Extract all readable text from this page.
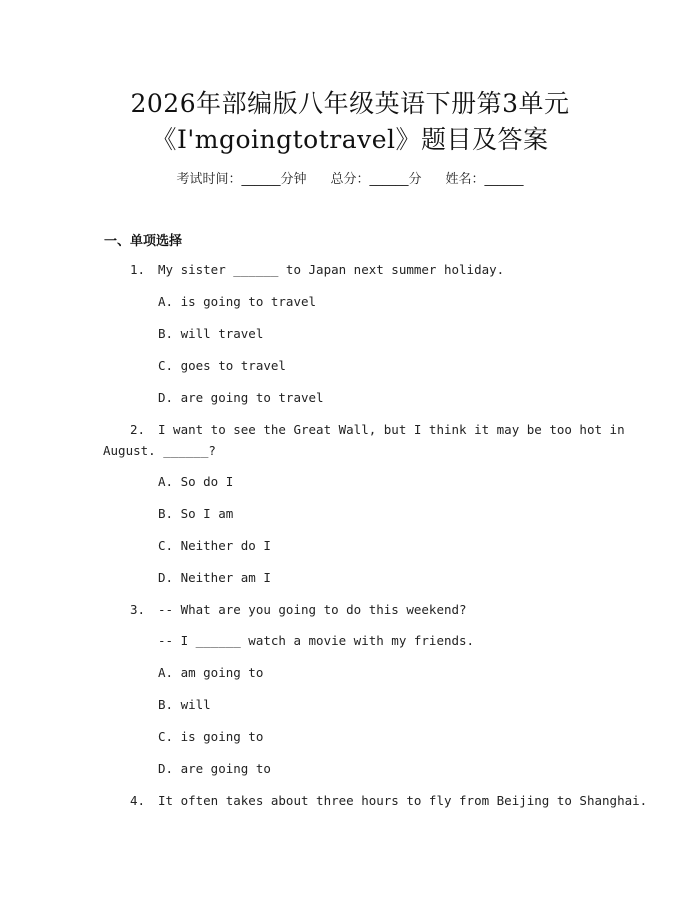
2026年部编版八年级英语下册第3单元
《I'mgoingtotravel》题目及答案
考试时间：______分钟 总分：______分 姓名：______
一、单项选择
1. My sister ______ to Japan next summer holiday.
A. is going to travel
B. will travel
C. goes to travel
D. are going to travel
2. I want to see the Great Wall, but I think it may be too hot in
August. ______?
A. So do I
B. So I am
C. Neither do I
D. Neither am I
3. -- What are you going to do this weekend?
-- I ______ watch a movie with my friends.
A. am going to
B. will
C. is going to
D. are going to
4. It often takes about three hours to fly from Beijing to Shanghai.
